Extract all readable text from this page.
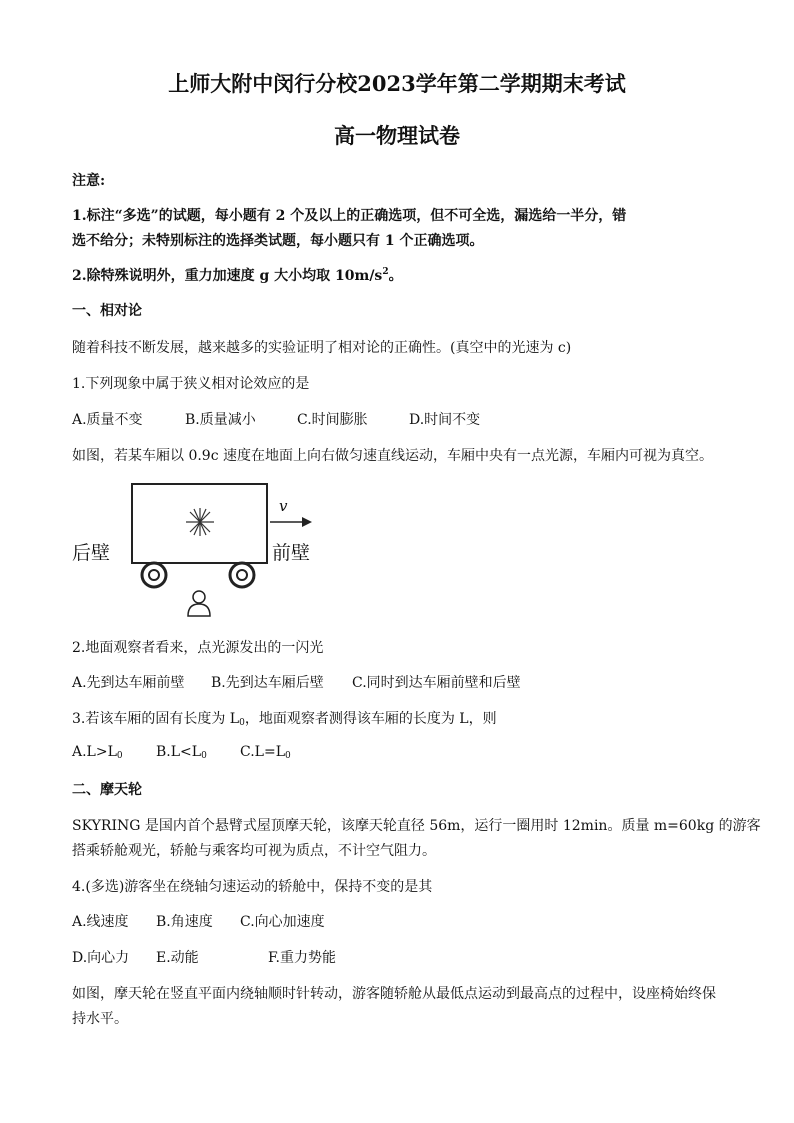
上师大附中闵行分校2023学年第二学期期末考试
高一物理试卷
注意:
1.标注“多选”的试题，每小题有 2 个及以上的正确选项，但不可全选，漏选给一半分，错
选不给分；未特别标注的选择类试题，每小题只有 1 个正确选项。
2.除特殊说明外，重力加速度 g 大小均取 $10m/s^2$。
一、相对论
随着科技不断发展，越来越多的实验证明了相对论的正确性。(真空中的光速为 c)
1.下列现象中属于狭义相对论效应的是
A.质量不变	B.质量减小	C.时间膨胀	D.时间不变
如图，若某车厢以 0.9c 速度在地面上向右做匀速直线运动，车厢中央有一点光源，车厢内可视为真空。
v
后壁	前壁
2.地面观察者看来，点光源发出的一闪光
A.先到达车厢前壁 B.先到达车厢后壁 C.同时到达车厢前壁和后壁
3.若该车厢的固有长度为 $L_0$，地面观察者测得该车厢的长度为 L，则
$A.L>L_0$ $B.L<L_0$ $C.L=L_0$
二、摩天轮
SKYRING 是国内首个悬臂式屋顶摩天轮，该摩天轮直径 56m，运行一圈用时 12min。质量 m=60kg 的游客
搭乘轿舱观光，轿舱与乘客均可视为质点，不计空气阻力。
4.(多选)游客坐在绕轴匀速运动的轿舱中，保持不变的是其
A.线速度 B.角速度 C.向心加速度
D.向心力 E.动能	F.重力势能
如图，摩天轮在竖直平面内绕轴顺时针转动，游客随轿舱从最低点运动到最高点的过程中，设座椅始终保
持水平。
